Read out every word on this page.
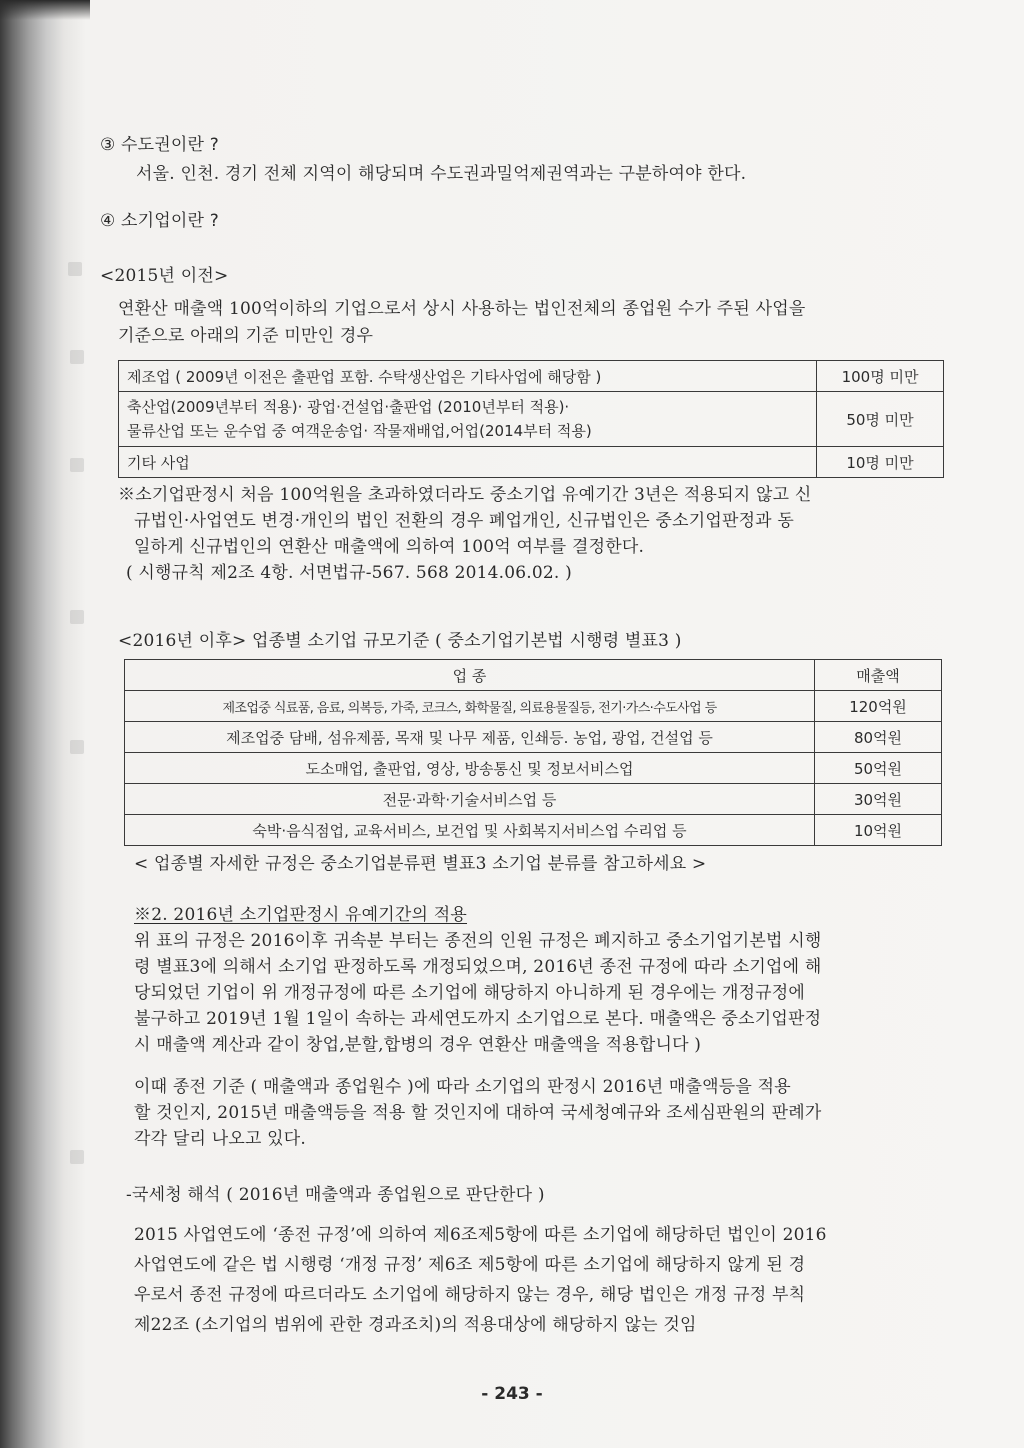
③ 수도권이란 ?
서울. 인천. 경기 전체 지역이 해당되며 수도권과밀억제권역과는 구분하여야 한다.
④ 소기업이란 ?
<2015년 이전>
연환산 매출액 100억이하의 기업으로서 상시 사용하는 법인전체의 종업원 수가 주된 사업을
기준으로 아래의 기준 미만인 경우
제조업 ( 2009년 이전은 출판업 포함. 수탁생산업은 기타사업에 해당함 )	100명 미만

축산업(2009년부터 적용)· 광업·건설업·출판업 (2010년부터 적용)·
물류산업 또는 운수업 중 여객운송업· 작물재배업,어업(2014부터 적용)	50명 미만
기타 사업	10명 미만
※소기업판정시 처음 100억원을 초과하였더라도 중소기업 유예기간 3년은 적용되지 않고 신
규법인·사업연도 변경·개인의 법인 전환의 경우 폐업개인, 신규법인은 중소기업판정과 동
일하게 신규법인의 연환산 매출액에 의하여 100억 여부를 결정한다.
( 시행규칙 제2조 4항. 서면법규-567. 568 2014.06.02. )
<2016년 이후> 업종별 소기업 규모기준 ( 중소기업기본법 시행령 별표3 )
업 종	매출액
제조업중 식료품, 음료, 의복등, 가죽, 코크스, 화학물질, 의료용물질등, 전기·가스·수도사업 등	120억원
제조업중 담배, 섬유제품, 목재 및 나무 제품, 인쇄등. 농업, 광업, 건설업 등	80억원
도소매업, 출판업, 영상, 방송통신 및 정보서비스업	50억원
전문·과학·기술서비스업 등	30억원
숙박·음식점업, 교육서비스, 보건업 및 사회복지서비스업 수리업 등	10억원
< 업종별 자세한 규정은 중소기업분류편 별표3 소기업 분류를 참고하세요 >
※2. 2016년 소기업판정시 유예기간의 적용
위 표의 규정은 2016이후 귀속분 부터는 종전의 인원 규정은 폐지하고 중소기업기본법 시행
령 별표3에 의해서 소기업 판정하도록 개정되었으며, 2016년 종전 규정에 따라 소기업에 해
당되었던 기업이 위 개정규정에 따른 소기업에 해당하지 아니하게 된 경우에는 개정규정에
불구하고 2019년 1월 1일이 속하는 과세연도까지 소기업으로 본다. 매출액은 중소기업판정
시 매출액 계산과 같이 창업,분할,합병의 경우 연환산 매출액을 적용합니다 )
이때 종전 기준 ( 매출액과 종업원수 )에 따라 소기업의 판정시 2016년 매출액등을 적용
할 것인지, 2015년 매출액등을 적용 할 것인지에 대하여 국세청예규와 조세심판원의 판례가
각각 달리 나오고 있다.
-국세청 해석 ( 2016년 매출액과 종업원으로 판단한다 )
2015 사업연도에 ‘종전 규정’에 의하여 제6조제5항에 따른 소기업에 해당하던 법인이 2016
사업연도에 같은 법 시행령 ‘개정 규정’ 제6조 제5항에 따른 소기업에 해당하지 않게 된 경
우로서 종전 규정에 따르더라도 소기업에 해당하지 않는 경우, 해당 법인은 개정 규정 부칙
제22조 (소기업의 범위에 관한 경과조치)의 적용대상에 해당하지 않는 것임
- 243 -
